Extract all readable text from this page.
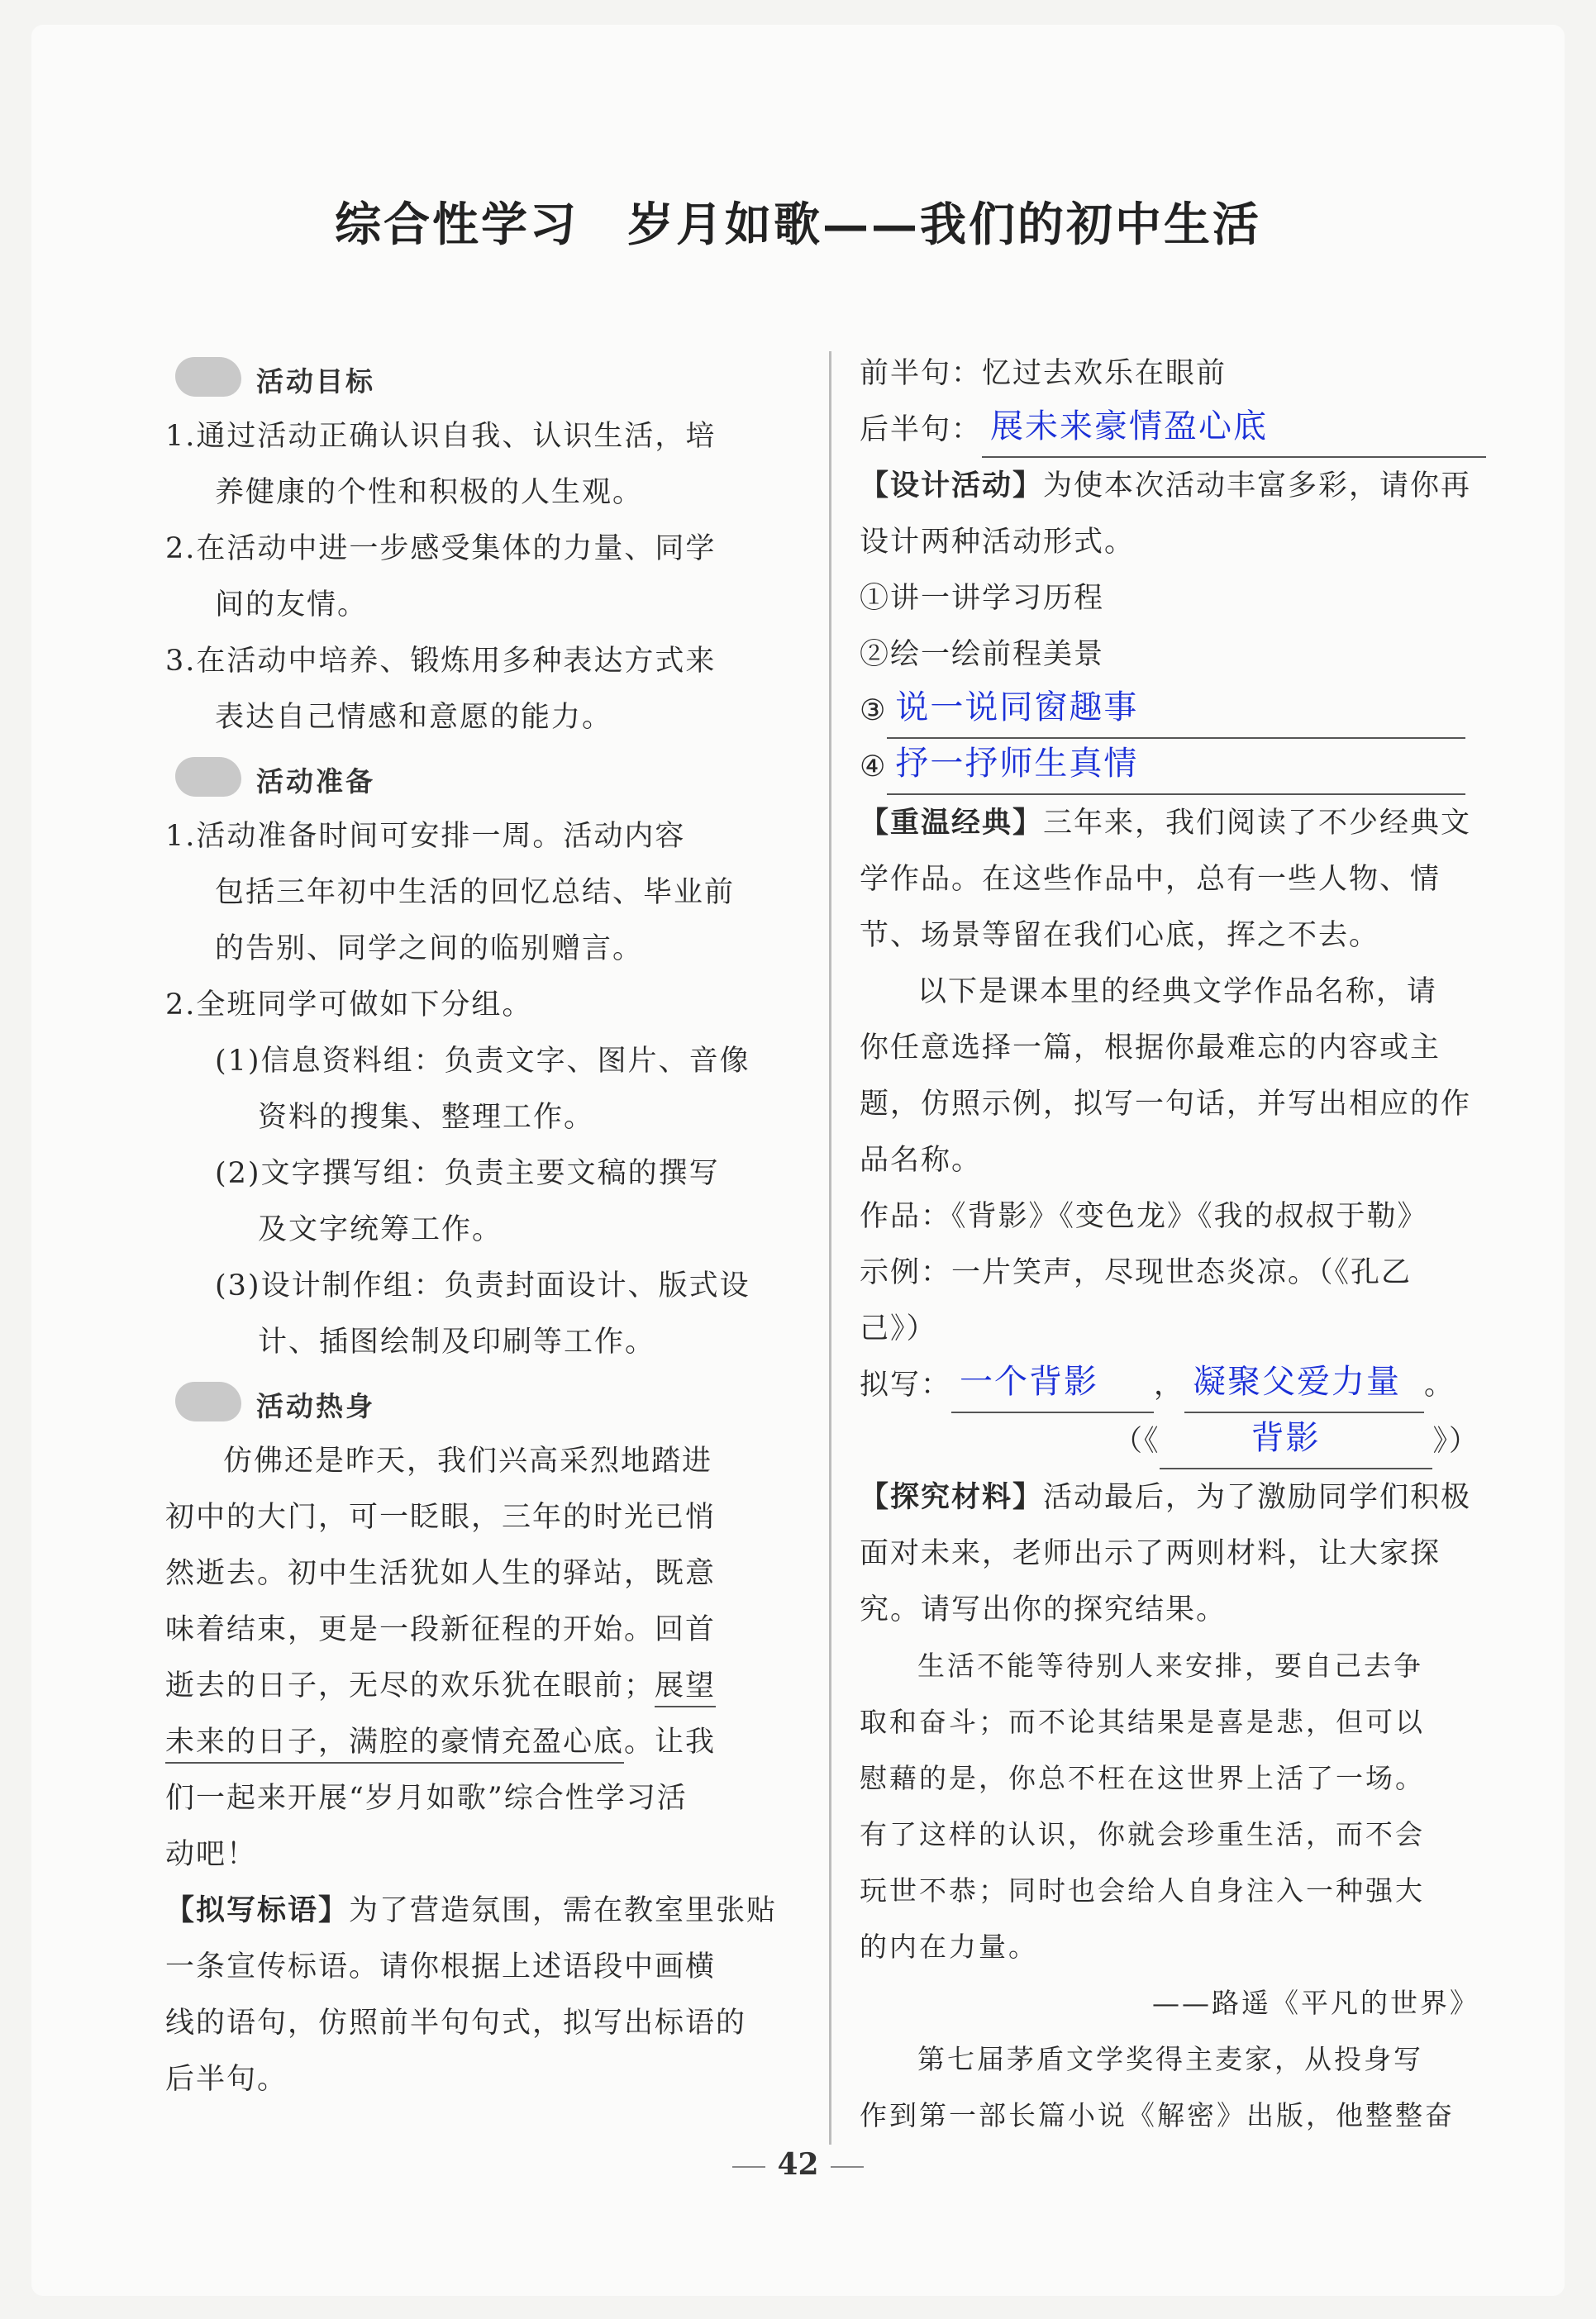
综合性学习　岁月如歌——我们的初中生活
活动目标
1.通过活动正确认识自我、认识生活，培
养健康的个性和积极的人生观。
2.在活动中进一步感受集体的力量、同学
间的友情。
3.在活动中培养、锻炼用多种表达方式来
表达自己情感和意愿的能力。
活动准备
1.活动准备时间可安排一周。活动内容
包括三年初中生活的回忆总结、毕业前
的告别、同学之间的临别赠言。
2.全班同学可做如下分组。
(1)信息资料组：负责文字、图片、音像
资料的搜集、整理工作。
(2)文字撰写组：负责主要文稿的撰写
及文字统筹工作。
(3)设计制作组：负责封面设计、版式设
计、插图绘制及印刷等工作。
活动热身
仿佛还是昨天，我们兴高采烈地踏进
初中的大门，可一眨眼，三年的时光已悄
然逝去。初中生活犹如人生的驿站，既意
味着结束，更是一段新征程的开始。回首
逝去的日子，无尽的欢乐犹在眼前；展望
未来的日子，满腔的豪情充盈心底。让我
们一起来开展“岁月如歌”综合性学习活
动吧！
【拟写标语】为了营造氛围，需在教室里张贴
一条宣传标语。请你根据上述语段中画横
线的语句，仿照前半句句式，拟写出标语的
后半句。
前半句：忆过去欢乐在眼前
后半句： 展未来豪情盈心底
【设计活动】为使本次活动丰富多彩，请你再
设计两种活动形式。
①讲一讲学习历程
②绘一绘前程美景
③ 说一说同窗趣事
④ 抒一抒师生真情
【重温经典】三年来，我们阅读了不少经典文
学作品。在这些作品中，总有一些人物、情
节、场景等留在我们心底，挥之不去。
以下是课本里的经典文学作品名称，请
你任意选择一篇，根据你最难忘的内容或主
题，仿照示例，拟写一句话，并写出相应的作
品名称。
作品：《背影》《变色龙》《我的叔叔于勒》
示例：一片笑声，尽现世态炎凉。（《孔乙
己》）
拟写： 一个背影 ， 凝聚父爱力量 。
（《	背影	》）
【探究材料】活动最后，为了激励同学们积极
面对未来，老师出示了两则材料，让大家探
究。请写出你的探究结果。
生活不能等待别人来安排，要自己去争
取和奋斗；而不论其结果是喜是悲，但可以
慰藉的是，你总不枉在这世界上活了一场。
有了这样的认识，你就会珍重生活，而不会
玩世不恭；同时也会给人自身注入一种强大
的内在力量。
——路遥《平凡的世界》
第七届茅盾文学奖得主麦家，从投身写
作到第一部长篇小说《解密》出版，他整整奋
42
